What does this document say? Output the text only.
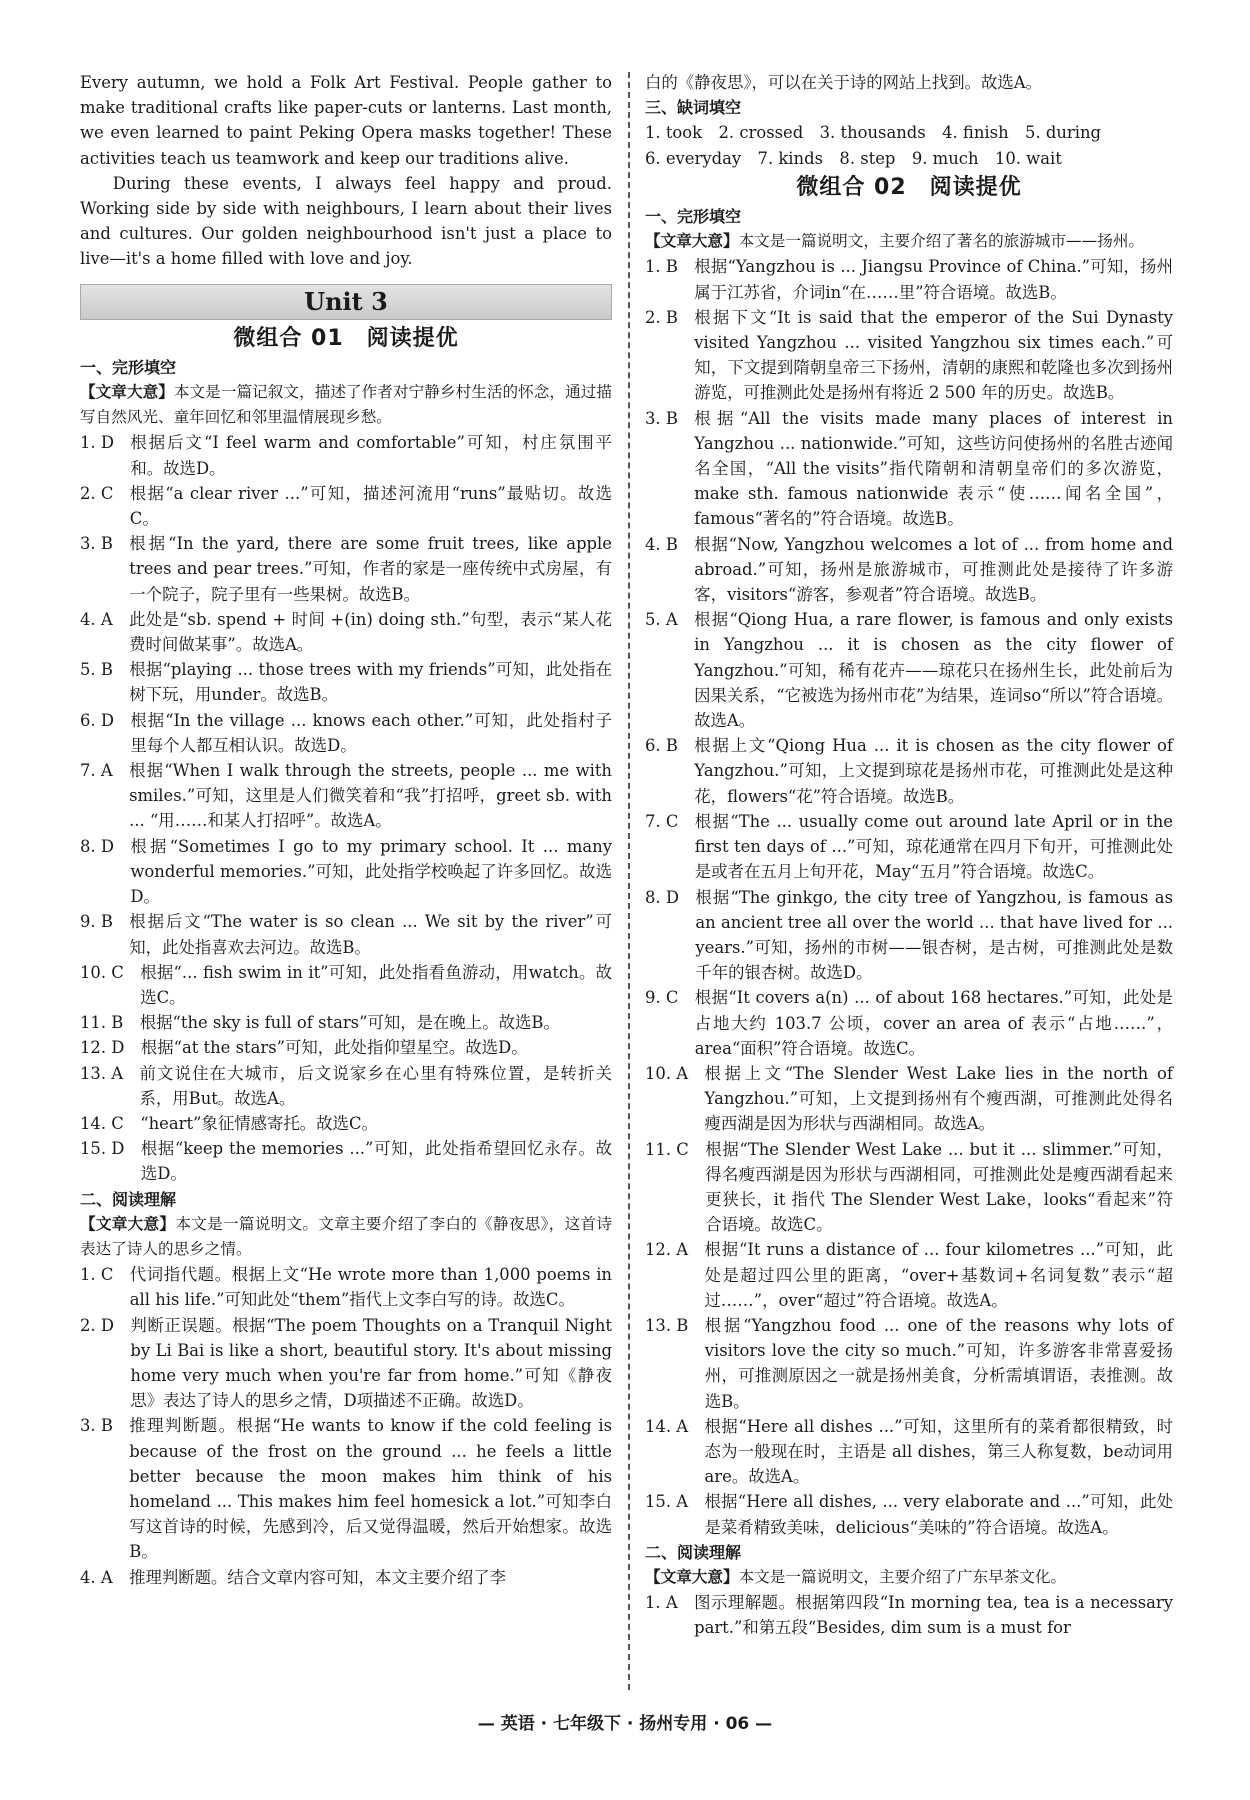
Every autumn, we hold a Folk Art Festival. People gather to make traditional crafts like paper-cuts or lanterns. Last month, we even learned to paint Peking Opera masks together! These activities teach us teamwork and keep our traditions alive.

During these events, I always feel happy and proud. Working side by side with neighbours, I learn about their lives and cultures. Our golden neighbourhood isn't just a place to live—it's a home filled with love and joy.

Unit 3
微组合 01　阅读提优

一、完形填空

【文章大意】本文是一篇记叙文，描述了作者对宁静乡村生活的怀念，通过描写自然风光、童年回忆和邻里温情展现乡愁。

1. D　 根据后文“I feel warm and comfortable”可知，村庄氛围平和。故选D。
2. C　 根据“a clear river ...”可知，描述河流用“runs”最贴切。故选C。
3. B　 根据“In the yard, there are some fruit trees, like apple trees and pear trees.”可知，作者的家是一座传统中式房屋，有一个院子，院子里有一些果树。故选B。
4. A　 此处是“sb. spend + 时间 +(in) doing sth.”句型，表示“某人花费时间做某事”。故选A。
5. B　 根据“playing ... those trees with my friends”可知，此处指在树下玩，用under。故选B。
6. D　 根据“In the village ... knows each other.”可知，此处指村子里每个人都互相认识。故选D。
7. A　 根据“When I walk through the streets, people ... me with smiles.”可知，这里是人们微笑着和“我”打招呼，greet sb. with ... “用……和某人打招呼”。故选A。
8. D　 根据“Sometimes I go to my primary school. It ... many wonderful memories.”可知，此处指学校唤起了许多回忆。故选D。
9. B　 根据后文“The water is so clean ... We sit by the river”可知，此处指喜欢去河边。故选B。
10. C　 根据“... fish swim in it”可知，此处指看鱼游动，用watch。故选C。
11. B　 根据“the sky is full of stars”可知，是在晚上。故选B。
12. D　 根据“at the stars”可知，此处指仰望星空。故选D。
13. A　 前文说住在大城市，后文说家乡在心里有特殊位置，是转折关系，用But。故选A。
14. C　 “heart”象征情感寄托。故选C。
15. D　 根据“keep the memories ...”可知，此处指希望回忆永存。故选D。

二、阅读理解

【文章大意】本文是一篇说明文。文章主要介绍了李白的《静夜思》，这首诗表达了诗人的思乡之情。

1. C　 代词指代题。根据上文“He wrote more than 1,000 poems in all his life.”可知此处“them”指代上文李白写的诗。故选C。
2. D　 判断正误题。根据“The poem Thoughts on a Tranquil Night by Li Bai is like a short, beautiful story. It's about missing home very much when you're far from home.”可知《静夜思》表达了诗人的思乡之情，D项描述不正确。故选D。
3. B　 推理判断题。根据“He wants to know if the cold feeling is because of the frost on the ground ... he feels a little better because the moon makes him think of his homeland ... This makes him feel homesick a lot.”可知李白写这首诗的时候，先感到冷，后又觉得温暖，然后开始想家。故选B。
4. A　 推理判断题。结合文章内容可知，本文主要介绍了李

白的《静夜思》，可以在关于诗的网站上找到。故选A。

三、缺词填空

1. took　2. crossed　3. thousands　4. finish　5. during

6. everyday　7. kinds　8. step　9. much　10. wait

微组合 02　阅读提优

一、完形填空

【文章大意】本文是一篇说明文，主要介绍了著名的旅游城市——扬州。

1. B　 根据“Yangzhou is ... Jiangsu Province of China.”可知，扬州属于江苏省，介词in“在……里”符合语境。故选B。
2. B　 根据下文“It is said that the emperor of the Sui Dynasty visited Yangzhou ... visited Yangzhou six times each.”可知，下文提到隋朝皇帝三下扬州，清朝的康熙和乾隆也多次到扬州游览，可推测此处是扬州有将近 2 500 年的历史。故选B。
3. B　 根据“All the visits made many places of interest in Yangzhou ... nationwide.”可知，这些访问使扬州的名胜古迹闻名全国，“All the visits”指代隋朝和清朝皇帝们的多次游览，make sth. famous nationwide 表示“使……闻名全国”，famous“著名的”符合语境。故选B。
4. B　 根据“Now, Yangzhou welcomes a lot of ... from home and abroad.”可知，扬州是旅游城市，可推测此处是接待了许多游客，visitors“游客，参观者”符合语境。故选B。
5. A　 根据“Qiong Hua, a rare flower, is famous and only exists in Yangzhou ... it is chosen as the city flower of Yangzhou.”可知，稀有花卉——琼花只在扬州生长，此处前后为因果关系，“它被选为扬州市花”为结果，连词so“所以”符合语境。故选A。
6. B　 根据上文“Qiong Hua ... it is chosen as the city flower of Yangzhou.”可知，上文提到琼花是扬州市花，可推测此处是这种花，flowers“花”符合语境。故选B。
7. C　 根据“The ... usually come out around late April or in the first ten days of ...”可知，琼花通常在四月下旬开，可推测此处是或者在五月上旬开花，May“五月”符合语境。故选C。
8. D　 根据“The ginkgo, the city tree of Yangzhou, is famous as an ancient tree all over the world ... that have lived for ... years.”可知，扬州的市树——银杏树，是古树，可推测此处是数千年的银杏树。故选D。
9. C　 根据“It covers a(n) ... of about 168 hectares.”可知，此处是占地大约 103.7 公顷，cover an area of 表示“占地……”，area“面积”符合语境。故选C。
10. A　 根据上文“The Slender West Lake lies in the north of Yangzhou.”可知，上文提到扬州有个瘦西湖，可推测此处得名瘦西湖是因为形状与西湖相同。故选A。
11. C　 根据“The Slender West Lake ... but it ... slimmer.”可知，得名瘦西湖是因为形状与西湖相同，可推测此处是瘦西湖看起来更狭长，it 指代 The Slender West Lake，looks“看起来”符合语境。故选C。
12. A　 根据“It runs a distance of ... four kilometres ...”可知，此处是超过四公里的距离，“over+基数词+名词复数”表示“超过……”，over“超过”符合语境。故选A。
13. B　 根据“Yangzhou food ... one of the reasons why lots of visitors love the city so much.”可知，许多游客非常喜爱扬州，可推测原因之一就是扬州美食，分析需填谓语，表推测。故选B。
14. A　 根据“Here all dishes ...”可知，这里所有的菜肴都很精致，时态为一般现在时，主语是 all dishes，第三人称复数，be动词用are。故选A。
15. A　 根据“Here all dishes, ... very elaborate and ...”可知，此处是菜肴精致美味，delicious“美味的”符合语境。故选A。

二、阅读理解

【文章大意】本文是一篇说明文，主要介绍了广东早茶文化。

1. A　 图示理解题。根据第四段“In morning tea, tea is a necessary part.”和第五段“Besides, dim sum is a must for
— 英语 · 七年级下 · 扬州专用 · 06 —
